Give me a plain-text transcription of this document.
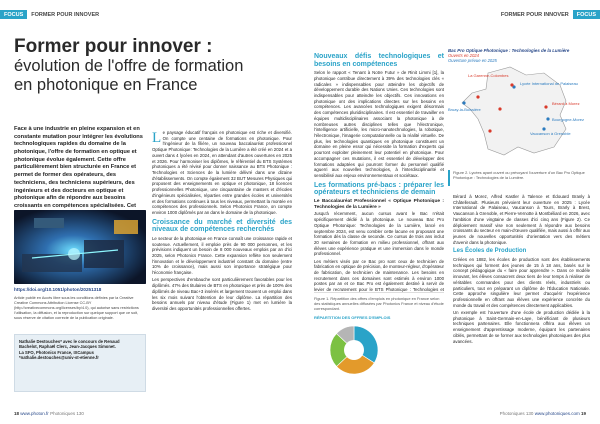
FOCUS	FORMER POUR INNOVER
Former pour innover :
évolution de l'offre de formation
en photonique en France
Face à une industrie en pleine expansion et en constante mutation pour intégrer les évolutions technologiques rapides du domaine de la photonique, l'offre de formation en optique et photonique évolue également. Cette offre particulièrement bien structurée en France et permet de former des opérateurs, des techniciens, des techniciens supérieurs, des ingénieurs et des docteurs en optique et photonique afin de répondre aux besoins croissants en compétences spécialisées. Cet
https://doi.org/10.1051/photon/20251318
Article publié en Accès libre sous les conditions définies par la Creative Creative Commons Attribution License CC-BY (http://creativecommons.org/licenses/by/4.0), qui autorise sans restrictions l'utilisation, la diffusion, et la reproduction sur quelque support que ce soit, sous réserve de citation correcte de la publication originale.
Nathalie Destouches* avec le concours de Renaud
Bachelot, Raphaël Clerc, Jean-Jacques Simonet.
La SFO, Photonics France, IXCampus
*nathalie.destouches@univ-st-etienne.fr

Le paysage éducatif français en photonique est riche et diversifié. On compte une centaine de formations en photonique. Pour l'ingénieur de la filière, un nouveau baccalauréat professionnel Optique Photonique: Technologies de la Lumière a été créé en 2024 et a ouvert dans 4 lycées en 2024, en attendant d'autres ouvertures en 2025 et 2026. Pour harmoniser les diplômes, le référentiel du BTS Systèmes photoniques a été révisé pour donner naissance au BTS Photonique : Technologies et Sciences de la lumière délivré dans une dizaine d'établissements. On compte également 32 BUT Mesures Physiques qui proposent des enseignements en optique et photonique, 18 licences professionnelles Photonique, une cinquantaine de masters et d'écoles d'ingénieurs spécialisées, réparties entre grandes écoles et universités et des formations continues à tous les niveaux, permettant la montée en compétences des professionnels. Selon Photonics France, on compte environ 1000 diplômés par an dans le domaine de la photonique.

Croissance du marché et diversité des niveaux de compétences recherchés

Le secteur de la photonique en France connaît une croissance rapide et soutenue. Actuellement, il emploie près de 90 000 personnes, et les prévisions indiquent un besoin de 8 000 nouveaux emplois par an d'ici 2025, selon Photonics France. Cette expansion reflète non seulement l'innovation et le développement industriel constant du domaine (entre 10% de croissance), mais aussi son importance stratégique pour l'économie française.

Les perspectives d'embauche sont particulièrement favorables pour les diplômés. 47% des titulaires de BTS en photonique et près de 100% des diplômés de niveau Bac+3 insérés et largement trouvent un emploi dans les six mois suivant l'obtention de leur diplôme. La répartition des besoins annuels par niveau d'étude (Figure 1) met en lumière la diversité des opportunités professionnelles offertes.

18 www.photon.fr Photoniques 130
FORMER POUR INNOVER	FOCUS
Nouveaux défis technologiques et besoins en compétences

Selon le rapport « Tenant à Notre Futur » de Rinit Limmi [1], la photonique contribue directement à 39% des technologies clés « radicales » indispensables pour atteindre les objectifs de développement durable des Nations Unies. Ces technologies sont indispensables pour atteindre les objectifs. Ces innovations en photonique ont des implications directes sur les besoins en compétences. Les avancées technologiques exigent désormais des compétences pluridisciplinaires. Il est essentiel de travailler en équipes multidisciplinaires associant la photonique à de nombreuses autres disciplines telles que l'électronique, l'intelligence artificielle, les micro-nanotechnologies, la robotique, l'électronique, l'imagerie computationnelle ou la réalité virtuelle. De plus, les technologies quantiques en photonique constituent un domaine en pleine essor qui nécessite la formation d'experts qui pourront exploiter pleinement leur potentiel en photonique. Pour accompagner ces mutations, il est essentiel de développer des formations adaptées qui pourront former du personnel qualifié aguerri aux nouvelles technologies, à l'interdisciplinarité et sensibilisé aux enjeux environnementaux et sociétaux.

Les formations pré-bacs : préparer les opérateurs et techniciens de demain
Le Baccalauréat Professionnel « Optique Photonique : Technologies de la Lumière »

Jusqu'à récemment, aucun cursus avant le Bac n'était spécifiquement dédié à la photonique. Le nouveau Bac Pro Optique Photonique: Technologies de la Lumière, lancé en septembre 2024, est venu combler cette lacune en proposant une formation dès la classe de seconde. Ce cursus de trois ans inclut 20 semaines de formation en milieu professionnel, offrant aux élèves une expérience pratique et une immersion dans le monde professionnel.

Les métiers visés par ce Bac pro sont ceux de technicien de fabrication en optique de précision, de monteur-régleur, d'opérateur de fabrication, de technicien de maintenance. Les besoins en recrutement dans ces domaines sont estimés à environ 1000 postes par an et ce Bac Pro est également destiné à servir de levier de recrutement pour le BTS Photonique : Technologies et

Figure 1. Répartition des offres d'emplois en photonique en France selon des statistiques annuelles diffusées par Photonics France et niveau d'étude correspondant.
RÉPARTITION DES OFFRES D'EMPLOIS
Bac Pro Optique Photonique : Technologies de la Lumière
Ouverts en 2024
Ouverture prévue en 2025
La Garenne-Colombes
Lycée International de Palaiseau
Bruay-la-Buissière
Bérard à Morez
Bourgogne-Morez
Vaucanson à Grenoble
Figure 2. Lycées ayant ouvert ou prévoyant l'ouverture d'un Bac Pro Optique Photonique : Technologies de la Lumière.

Bérard à Morez, Alfred Kastler à Talence et Édouard Branly à Châtellerault. Plusieurs prévoient leur ouverture en 2025 : Lycée International de Palaiseau, Vaucanson à Tours, Brarly à Brest, Vaucanson à Grenoble, et Pierre-Vernotte à Montbéliard en 2026, avec l'ambition d'une vingtaine de classes d'ici cinq ans (Figure 2). Ce déploiement massif vise non seulement à répondre aux besoins croissants du secteur en main-d'œuvre qualifiée, mais aussi à offrir aux jeunes de nouvelles opportunités d'orientation vers des métiers d'avenir dans la photonique.

Les Écoles de Production

Créées en 1882, les écoles de production sont des établissements techniques qui forment des jeunes de 15 à 18 ans, basés sur le concept pédagogique du « faire pour apprendre ». Dans ce modèle innovant, les élèves consacrent deux tiers de leur temps à réaliser de véritables commandes pour des clients réels, industriels ou particuliers, tout en préparant un diplôme de l'Éducation Nationale. Cette approche singulière leur permet d'acquérir l'expérience professionnelle en offrant aux élèves une expérience concrète du monde du travail et des compétences directement applicables.

Un exemple est l'ouverture d'une école de production dédiée à la photonique à Saint-Germain-en-Laye, bénéficiant de plusieurs techniques partenaires. Elle fonctionnera offrira aux élèves un enseignement d'apprentissage moderne, équipant les partenaires ciblés, permettant de se former aux technologies photoniques des plus avancées.

Photoniques 130 www.photoniques.com 19
